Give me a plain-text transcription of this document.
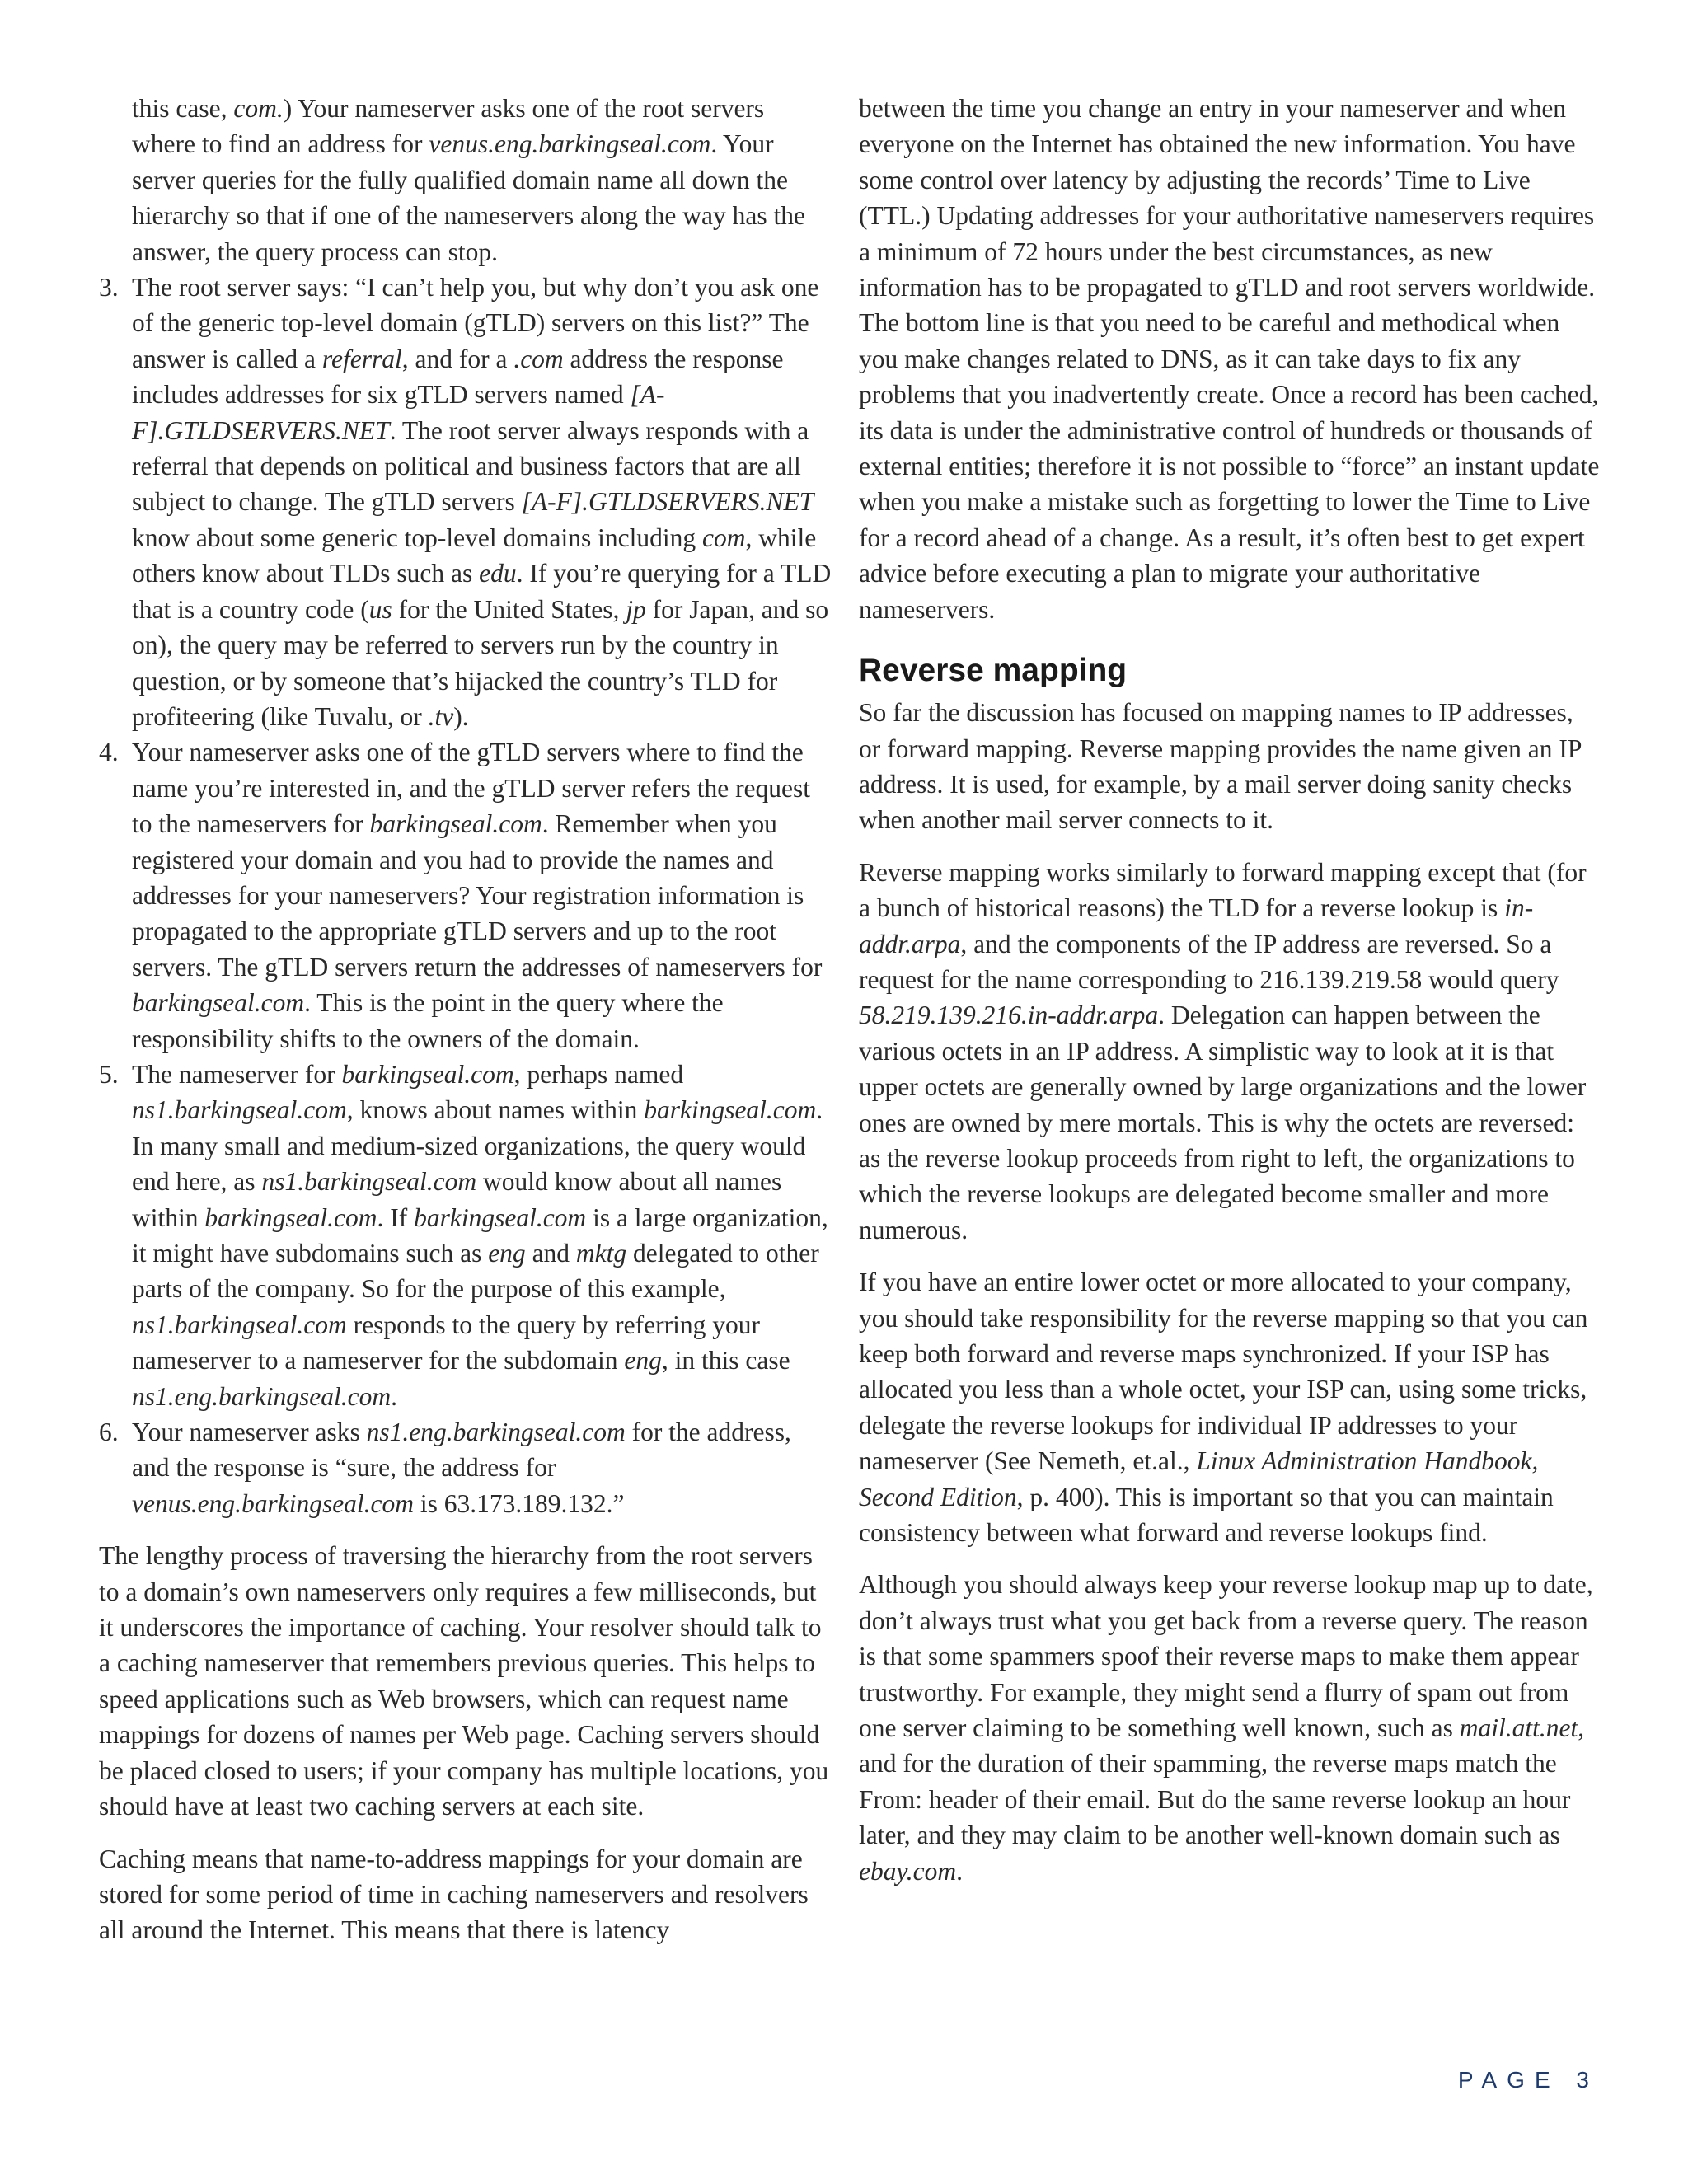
this case, com.) Your nameserver asks one of the root servers where to find an address for venus.eng.barkingseal.com. Your server queries for the fully qualified domain name all down the hierarchy so that if one of the nameservers along the way has the answer, the query process can stop.

3. The root server says: “I can’t help you, but why don’t you ask one of the generic top-level domain (gTLD) servers on this list?” The answer is called a referral, and for a .com address the response includes addresses for six gTLD servers named [A-F].GTLDSERVERS.NET. The root server always responds with a referral that depends on political and business factors that are all subject to change. The gTLD servers [A-F].GTLDSERVERS.NET know about some generic top-level domains including com, while others know about TLDs such as edu. If you’re querying for a TLD that is a country code (us for the United States, jp for Japan, and so on), the query may be referred to servers run by the country in question, or by someone that’s hijacked the country’s TLD for profiteering (like Tuvalu, or .tv).
4. Your nameserver asks one of the gTLD servers where to find the name you’re interested in, and the gTLD server refers the request to the nameservers for barkingseal.com. Remember when you registered your domain and you had to provide the names and addresses for your nameservers? Your registration information is propagated to the appropriate gTLD servers and up to the root servers. The gTLD servers return the addresses of nameservers for barkingseal.com. This is the point in the query where the responsibility shifts to the owners of the domain.
5. The nameserver for barkingseal.com, perhaps named ns1.barkingseal.com, knows about names within barkingseal.com. In many small and medium-sized organizations, the query would end here, as ns1.barkingseal.com would know about all names within barkingseal.com. If barkingseal.com is a large organization, it might have subdomains such as eng and mktg delegated to other parts of the company. So for the purpose of this example, ns1.barkingseal.com responds to the query by referring your nameserver to a nameserver for the subdomain eng, in this case ns1.eng.barkingseal.com.
6. Your nameserver asks ns1.eng.barkingseal.com for the address, and the response is “sure, the address for venus.eng.barkingseal.com is 63.173.189.132.”

The lengthy process of traversing the hierarchy from the root servers to a domain’s own nameservers only requires a few milliseconds, but it underscores the importance of caching. Your resolver should talk to a caching nameserver that remembers previous queries. This helps to speed applications such as Web browsers, which can request name mappings for dozens of names per Web page. Caching servers should be placed closed to users; if your company has multiple locations, you should have at least two caching servers at each site.

Caching means that name-to-address mappings for your domain are stored for some period of time in caching nameservers and resolvers all around the Internet. This means that there is latency

between the time you change an entry in your nameserver and when everyone on the Internet has obtained the new information. You have some control over latency by adjusting the records’ Time to Live (TTL.) Updating addresses for your authoritative nameservers requires a minimum of 72 hours under the best circumstances, as new information has to be propagated to gTLD and root servers worldwide. The bottom line is that you need to be careful and methodical when you make changes related to DNS, as it can take days to fix any problems that you inadvertently create. Once a record has been cached, its data is under the administrative control of hundreds or thousands of external entities; therefore it is not possible to “force” an instant update when you make a mistake such as forgetting to lower the Time to Live for a record ahead of a change. As a result, it’s often best to get expert advice before executing a plan to migrate your authoritative nameservers.

Reverse mapping

So far the discussion has focused on mapping names to IP addresses, or forward mapping. Reverse mapping provides the name given an IP address. It is used, for example, by a mail server doing sanity checks when another mail server connects to it.

Reverse mapping works similarly to forward mapping except that (for a bunch of historical reasons) the TLD for a reverse lookup is in-addr.arpa, and the components of the IP address are reversed. So a request for the name corresponding to 216.139.219.58 would query 58.219.139.216.in-addr.arpa. Delegation can happen between the various octets in an IP address. A simplistic way to look at it is that upper octets are generally owned by large organizations and the lower ones are owned by mere mortals. This is why the octets are reversed: as the reverse lookup proceeds from right to left, the organizations to which the reverse lookups are delegated become smaller and more numerous.

If you have an entire lower octet or more allocated to your company, you should take responsibility for the reverse mapping so that you can keep both forward and reverse maps synchronized. If your ISP has allocated you less than a whole octet, your ISP can, using some tricks, delegate the reverse lookups for individual IP addresses to your nameserver (See Nemeth, et.al., Linux Administration Handbook, Second Edition, p. 400). This is important so that you can maintain consistency between what forward and reverse lookups find.

Although you should always keep your reverse lookup map up to date, don’t always trust what you get back from a reverse query. The reason is that some spammers spoof their reverse maps to make them appear trustworthy. For example, they might send a flurry of spam out from one server claiming to be something well known, such as mail.att.net, and for the duration of their spamming, the reverse maps match the From: header of their email. But do the same reverse lookup an hour later, and they may claim to be another well-known domain such as ebay.com.

PAGE 3
